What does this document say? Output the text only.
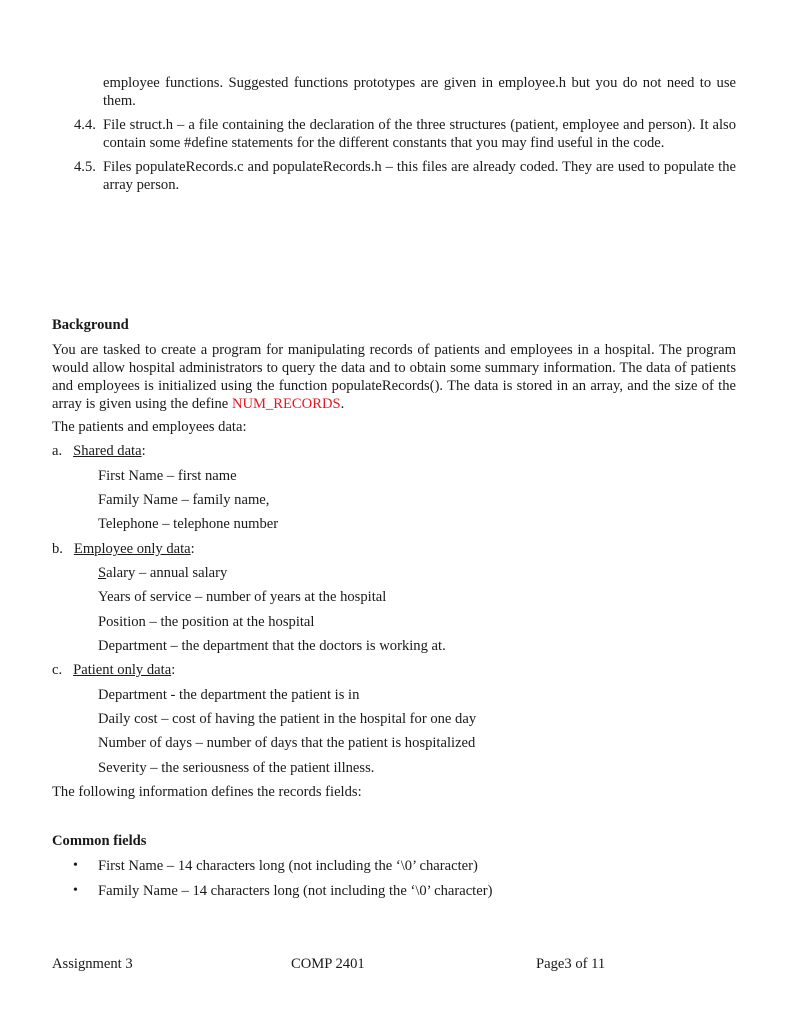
employee functions. Suggested functions prototypes are given in employee.h but you do not need to use them.
4.4. File struct.h – a file containing the declaration of the three structures (patient, employee and person). It also contain some #define statements for the different constants that you may find useful in the code.
4.5. Files populateRecords.c and populateRecords.h – this files are already coded. They are used to populate the array person.
Background
You are tasked to create a program for manipulating records of patients and employees in a hospital. The program would allow hospital administrators to query the data and to obtain some summary information. The data of patients and employees is initialized using the function populateRecords(). The data is stored in an array, and the size of the array is given using the define NUM_RECORDS.
The patients and employees data:
a. Shared data:
First Name – first name
Family Name – family name,
Telephone – telephone number
b. Employee only data:
Salary – annual salary
Years of service – number of years at the hospital
Position – the position at the hospital
Department – the department that the doctors is working at.
c. Patient only data:
Department - the department the patient is in
Daily cost – cost of having the patient in the hospital for one day
Number of days – number of days that the patient is hospitalized
Severity – the seriousness of the patient illness.
The following information defines the records fields:
Common fields
• First Name – 14 characters long (not including the ‘\0’ character)
• Family Name – 14 characters long (not including the ‘\0’ character)
Assignment 3	COMP 2401	Page3 of 11
